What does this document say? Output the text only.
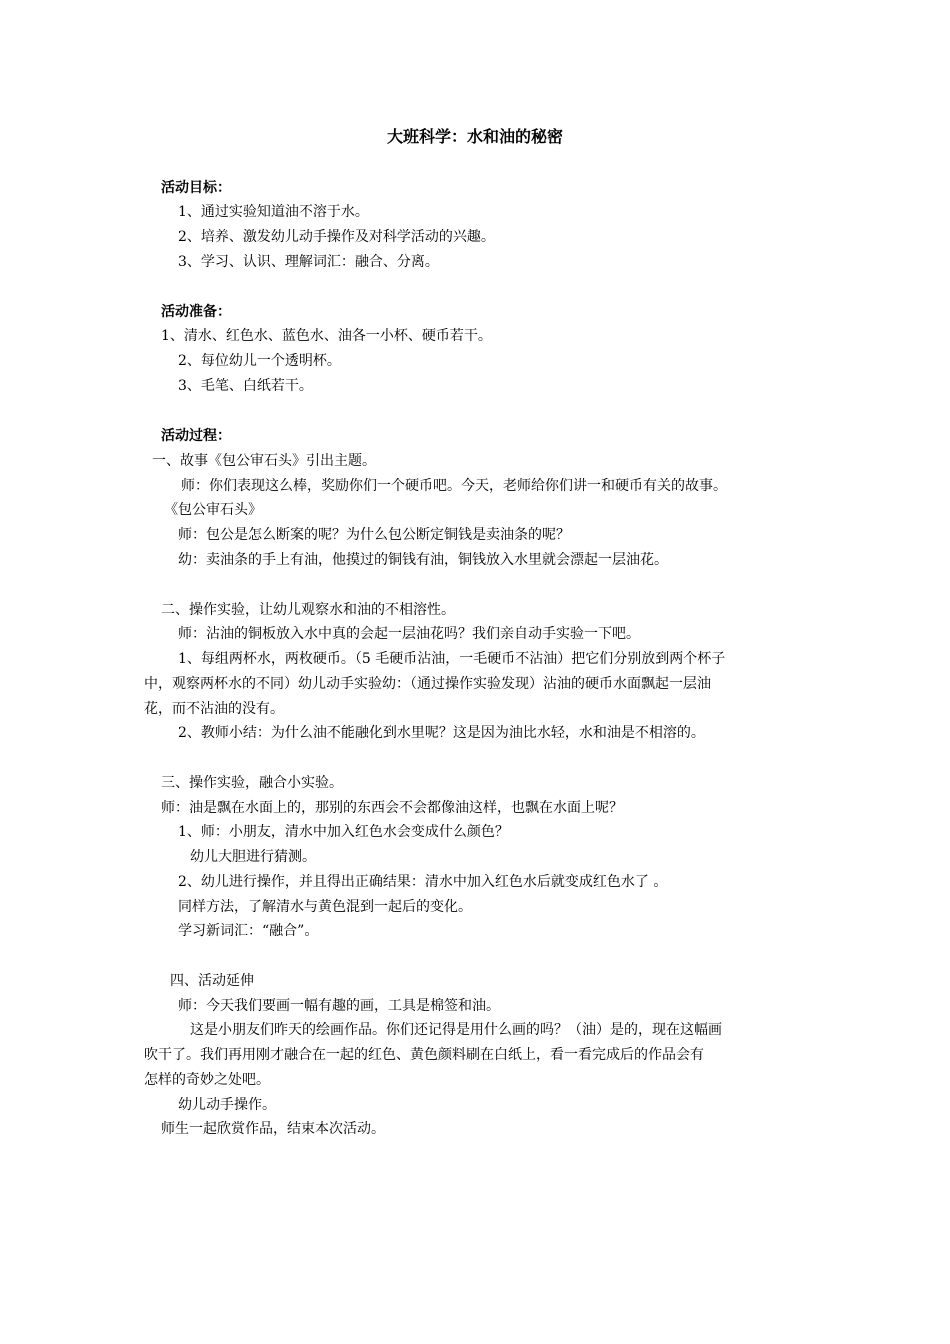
大班科学：水和油的秘密
活动目标：
1、通过实验知道油不溶于水。
2、培养、激发幼儿动手操作及对科学活动的兴趣。
3、学习、认识、理解词汇：融合、分离。
活动准备：
1、清水、红色水、蓝色水、油各一小杯、硬币若干。
2、每位幼儿一个透明杯。
3、毛笔、白纸若干。
活动过程：
一、故事《包公审石头》引出主题。
师：你们表现这么棒，奖励你们一个硬币吧。今天，老师给你们讲一和硬币有关的故事。
《包公审石头》
师：包公是怎么断案的呢？为什么包公断定铜钱是卖油条的呢？
幼：卖油条的手上有油，他摸过的铜钱有油，铜钱放入水里就会漂起一层油花。
二、操作实验，让幼儿观察水和油的不相溶性。
师：沾油的铜板放入水中真的会起一层油花吗？我们亲自动手实验一下吧。
1、每组两杯水，两枚硬币。（5 毛硬币沾油，一毛硬币不沾油）把它们分别放到两个杯子
中，观察两杯水的不同）幼儿动手实验幼：（通过操作实验发现）沾油的硬币水面飘起一层油
花，而不沾油的没有。
2、教师小结：为什么油不能融化到水里呢？这是因为油比水轻，水和油是不相溶的。
三、操作实验，融合小实验。
师：油是飘在水面上的，那别的东西会不会都像油这样，也飘在水面上呢？
1、师：小朋友，清水中加入红色水会变成什么颜色？
幼儿大胆进行猜测。
2、幼儿进行操作，并且得出正确结果：清水中加入红色水后就变成红色水了 。
同样方法，了解清水与黄色混到一起后的变化。
学习新词汇：“融合”。
四、活动延伸
师：今天我们要画一幅有趣的画，工具是棉签和油。
这是小朋友们昨天的绘画作品。你们还记得是用什么画的吗？（油）是的，现在这幅画
吹干了。我们再用刚才融合在一起的红色、黄色颜料刷在白纸上，看一看完成后的作品会有
怎样的奇妙之处吧。
幼儿动手操作。
师生一起欣赏作品，结束本次活动。
